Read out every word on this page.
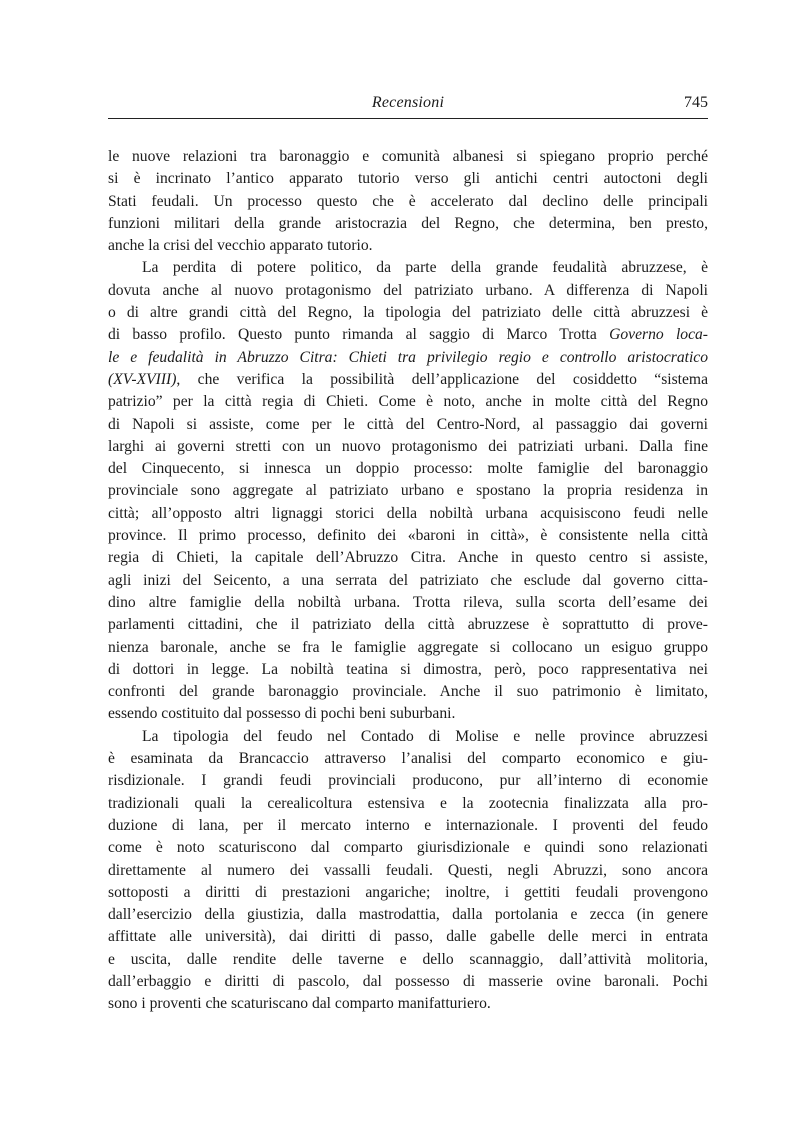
Recensioni	745
le nuove relazioni tra baronaggio e comunità albanesi si spiegano proprio perché
si è incrinato l’antico apparato tutorio verso gli antichi centri autoctoni degli
Stati feudali. Un processo questo che è accelerato dal declino delle principali
funzioni militari della grande aristocrazia del Regno, che determina, ben presto,
anche la crisi del vecchio apparato tutorio.
La perdita di potere politico, da parte della grande feudalità abruzzese, è
dovuta anche al nuovo protagonismo del patriziato urbano. A differenza di Napoli
o di altre grandi città del Regno, la tipologia del patriziato delle città abruzzesi è
di basso profilo. Questo punto rimanda al saggio di Marco Trotta Governo loca-
le e feudalità in Abruzzo Citra: Chieti tra privilegio regio e controllo aristocratico
(XV-XVIII), che verifica la possibilità dell’applicazione del cosiddetto “sistema
patrizio” per la città regia di Chieti. Come è noto, anche in molte città del Regno
di Napoli si assiste, come per le città del Centro-Nord, al passaggio dai governi
larghi ai governi stretti con un nuovo protagonismo dei patriziati urbani. Dalla fine
del Cinquecento, si innesca un doppio processo: molte famiglie del baronaggio
provinciale sono aggregate al patriziato urbano e spostano la propria residenza in
città; all’opposto altri lignaggi storici della nobiltà urbana acquisiscono feudi nelle
province. Il primo processo, definito dei «baroni in città», è consistente nella città
regia di Chieti, la capitale dell’Abruzzo Citra. Anche in questo centro si assiste,
agli inizi del Seicento, a una serrata del patriziato che esclude dal governo citta-
dino altre famiglie della nobiltà urbana. Trotta rileva, sulla scorta dell’esame dei
parlamenti cittadini, che il patriziato della città abruzzese è soprattutto di prove-
nienza baronale, anche se fra le famiglie aggregate si collocano un esiguo gruppo
di dottori in legge. La nobiltà teatina si dimostra, però, poco rappresentativa nei
confronti del grande baronaggio provinciale. Anche il suo patrimonio è limitato,
essendo costituito dal possesso di pochi beni suburbani.
La tipologia del feudo nel Contado di Molise e nelle province abruzzesi
è esaminata da Brancaccio attraverso l’analisi del comparto economico e giu-
risdizionale. I grandi feudi provinciali producono, pur all’interno di economie
tradizionali quali la cerealicoltura estensiva e la zootecnia finalizzata alla pro-
duzione di lana, per il mercato interno e internazionale. I proventi del feudo
come è noto scaturiscono dal comparto giurisdizionale e quindi sono relazionati
direttamente al numero dei vassalli feudali. Questi, negli Abruzzi, sono ancora
sottoposti a diritti di prestazioni angariche; inoltre, i gettiti feudali provengono
dall’esercizio della giustizia, dalla mastrodattia, dalla portolania e zecca (in genere
affittate alle università), dai diritti di passo, dalle gabelle delle merci in entrata
e uscita, dalle rendite delle taverne e dello scannaggio, dall’attività molitoria,
dall’erbaggio e diritti di pascolo, dal possesso di masserie ovine baronali. Pochi
sono i proventi che scaturiscano dal comparto manifatturiero.
